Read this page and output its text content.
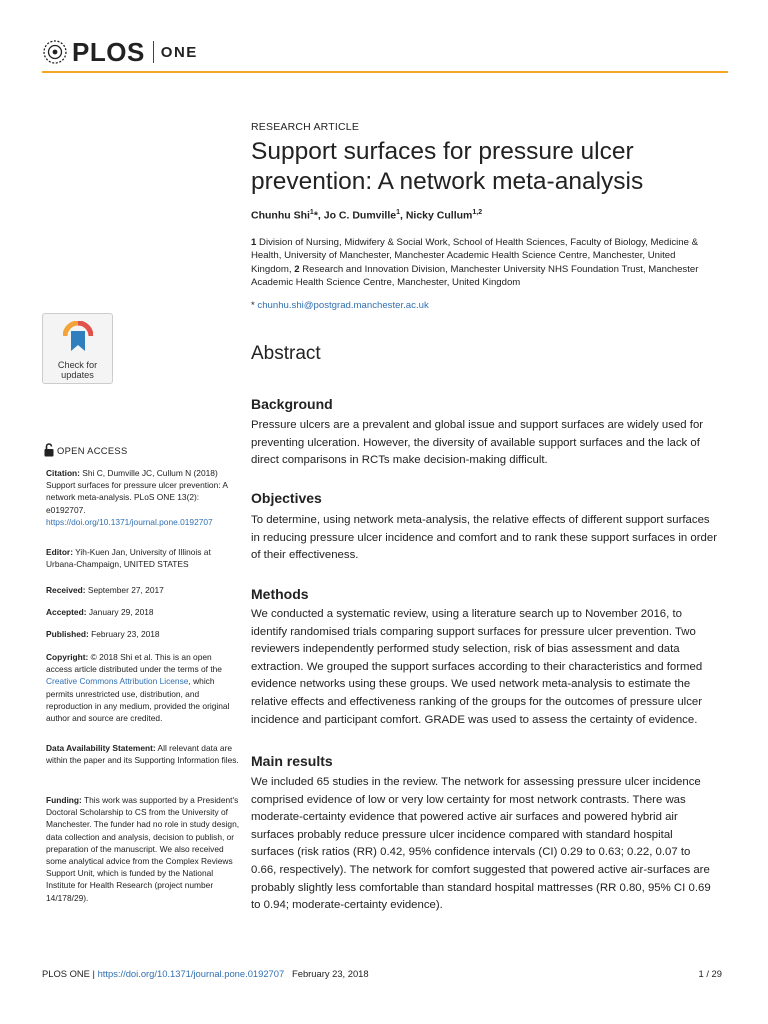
PLOS ONE
RESEARCH ARTICLE
Support surfaces for pressure ulcer prevention: A network meta-analysis
Chunhu Shi$^1$*, Jo C. Dumville$^1$, Nicky Cullum$^{1,2}$
1 Division of Nursing, Midwifery & Social Work, School of Health Sciences, Faculty of Biology, Medicine & Health, University of Manchester, Manchester Academic Health Science Centre, Manchester, United Kingdom, 2 Research and Innovation Division, Manchester University NHS Foundation Trust, Manchester Academic Health Science Centre, Manchester, United Kingdom
* chunhu.shi@postgrad.manchester.ac.uk
Abstract
Background

Pressure ulcers are a prevalent and global issue and support surfaces are widely used for preventing ulceration. However, the diversity of available support surfaces and the lack of direct comparisons in RCTs make decision-making difficult.

Objectives

To determine, using network meta-analysis, the relative effects of different support surfaces in reducing pressure ulcer incidence and comfort and to rank these support surfaces in order of their effectiveness.

Methods

We conducted a systematic review, using a literature search up to November 2016, to identify randomised trials comparing support surfaces for pressure ulcer prevention. Two reviewers independently performed study selection, risk of bias assessment and data extraction. We grouped the support surfaces according to their characteristics and formed evidence networks using these groups. We used network meta-analysis to estimate the relative effects and effectiveness ranking of the groups for the outcomes of pressure ulcer incidence and participant comfort. GRADE was used to assess the certainty of evidence.

Main results

We included 65 studies in the review. The network for assessing pressure ulcer incidence comprised evidence of low or very low certainty for most network contrasts. There was moderate-certainty evidence that powered active air surfaces and powered hybrid air surfaces probably reduce pressure ulcer incidence compared with standard hospital surfaces (risk ratios (RR) 0.42, 95% confidence intervals (CI) 0.29 to 0.63; 0.22, 0.07 to 0.66, respectively). The network for comfort suggested that powered active air-surfaces are probably slightly less comfortable than standard hospital mattresses (RR 0.80, 95% CI 0.69 to 0.94; moderate-certainty evidence).

Check for
updates
OPEN ACCESS
Citation: Shi C, Dumville JC, Cullum N (2018) Support surfaces for pressure ulcer prevention: A network meta-analysis. PLoS ONE 13(2): e0192707. https://doi.org/10.1371/journal.pone.0192707
Editor: Yih-Kuen Jan, University of Illinois at Urbana-Champaign, UNITED STATES
Received: September 27, 2017
Accepted: January 29, 2018
Published: February 23, 2018
Copyright: © 2018 Shi et al. This is an open access article distributed under the terms of the Creative Commons Attribution License, which permits unrestricted use, distribution, and reproduction in any medium, provided the original author and source are credited.
Data Availability Statement: All relevant data are within the paper and its Supporting Information files.
Funding: This work was supported by a President's Doctoral Scholarship to CS from the University of Manchester. The funder had no role in study design, data collection and analysis, decision to publish, or preparation of the manuscript. We also received some analytical advice from the Complex Reviews Support Unit, which is funded by the National Institute for Health Research (project number 14/178/29).
PLOS ONE | https://doi.org/10.1371/journal.pone.0192707   February 23, 2018	1 / 29
